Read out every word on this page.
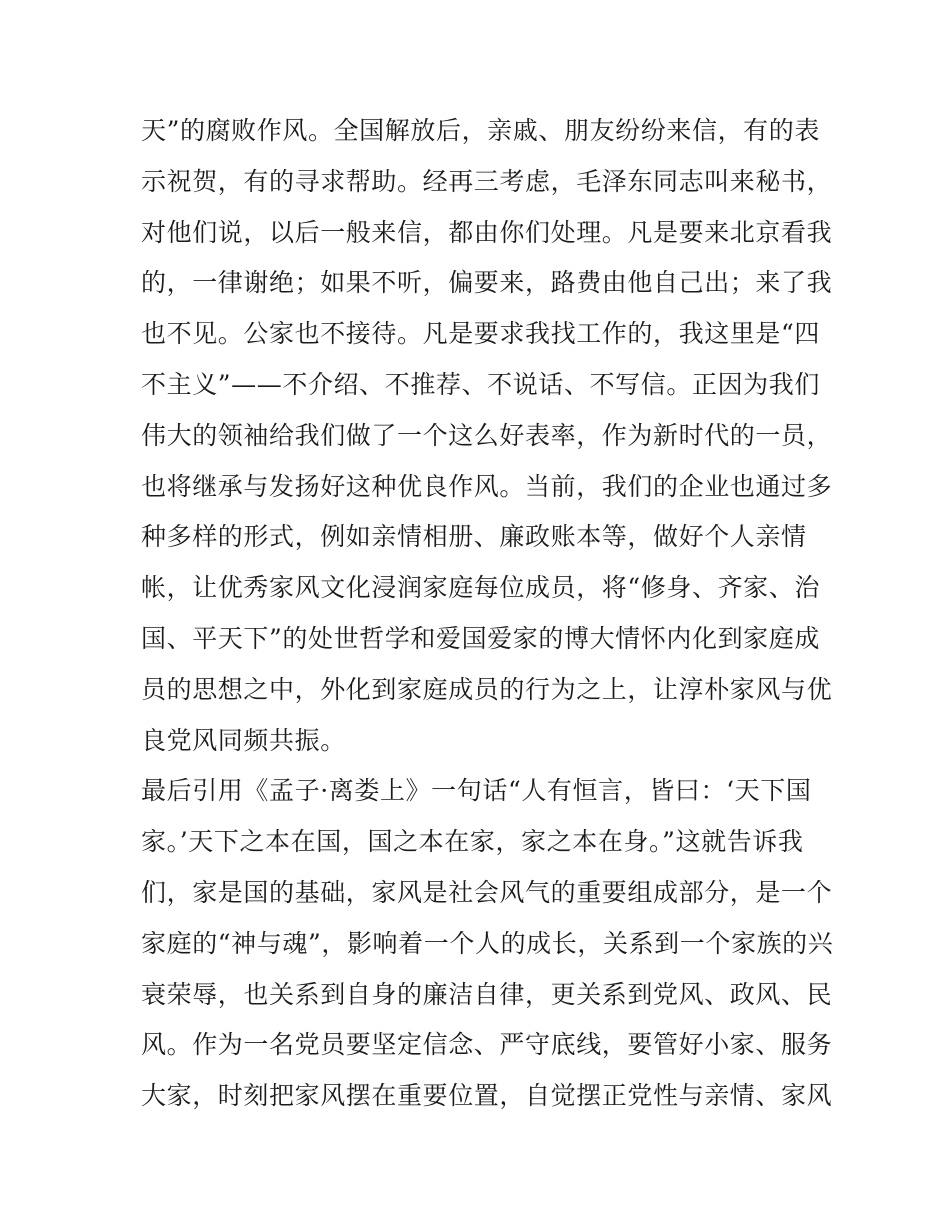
天”的腐败作风。全国解放后，亲戚、朋友纷纷来信，有的表
示祝贺，有的寻求帮助。经再三考虑，毛泽东同志叫来秘书，
对他们说，以后一般来信，都由你们处理。凡是要来北京看我
的，一律谢绝；如果不听，偏要来，路费由他自己出；来了我
也不见。公家也不接待。凡是要求我找工作的，我这里是“四
不主义”——不介绍、不推荐、不说话、不写信。正因为我们
伟大的领袖给我们做了一个这么好表率，作为新时代的一员，
也将继承与发扬好这种优良作风。当前，我们的企业也通过多
种多样的形式，例如亲情相册、廉政账本等，做好个人亲情
帐，让优秀家风文化浸润家庭每位成员，将“修身、齐家、治
国、平天下”的处世哲学和爱国爱家的博大情怀内化到家庭成
员的思想之中，外化到家庭成员的行为之上，让淳朴家风与优
良党风同频共振。
最后引用《孟子·离娄上》一句话“人有恒言，皆曰：‘天下国
家。’天下之本在国，国之本在家，家之本在身。”这就告诉我
们，家是国的基础，家风是社会风气的重要组成部分，是一个
家庭的“神与魂”，影响着一个人的成长，关系到一个家族的兴
衰荣辱，也关系到自身的廉洁自律，更关系到党风、政风、民
风。作为一名党员要坚定信念、严守底线，要管好小家、服务
大家，时刻把家风摆在重要位置，自觉摆正党性与亲情、家风
